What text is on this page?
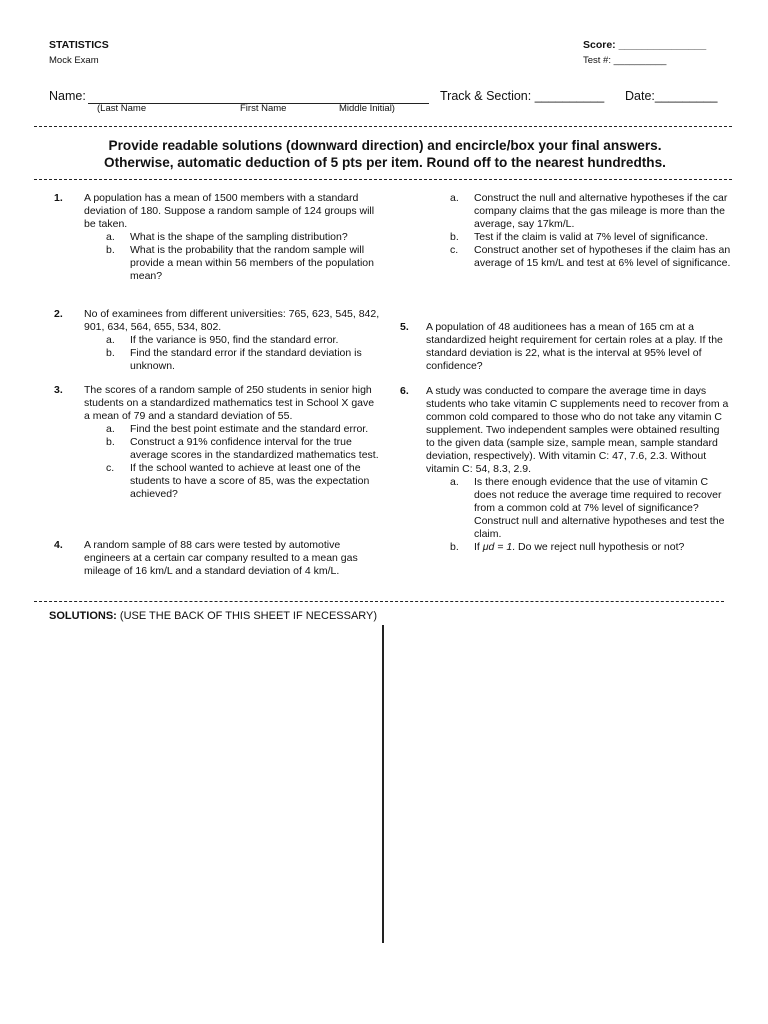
STATISTICS
Mock Exam
Score: _______________
Test #: __________
Name:
(Last Name	First Name	Middle Initial)
Track & Section: __________ Date:_________
Provide readable solutions (downward direction) and encircle/box your final answers.
Otherwise, automatic deduction of 5 pts per item. Round off to the nearest hundredths.
1. A population has a mean of 1500 members with a standard deviation of 180. Suppose a random sample of 124 groups will be taken.
a. What is the shape of the sampling distribution?
b. What is the probability that the random sample will provide a mean within 56 members of the population mean?
2. No of examinees from different universities: 765, 623, 545, 842, 901, 634, 564, 655, 534, 802.
a. If the variance is 950, find the standard error.
b. Find the standard error if the standard deviation is unknown.
3. The scores of a random sample of 250 students in senior high students on a standardized mathematics test in School X gave a mean of 79 and a standard deviation of 55.
a. Find the best point estimate and the standard error.
b. Construct a 91% confidence interval for the true average scores in the standardized mathematics test.
c. If the school wanted to achieve at least one of the students to have a score of 85, was the expectation achieved?
4. A random sample of 88 cars were tested by automotive engineers at a certain car company resulted to a mean gas mileage of 16 km/L and a standard deviation of 4 km/L.
a. Construct the null and alternative hypotheses if the car company claims that the gas mileage is more than the average, say 17km/L.
b. Test if the claim is valid at 7% level of significance.
c. Construct another set of hypotheses if the claim has an average of 15 km/L and test at 6% level of significance.
5. A population of 48 auditionees has a mean of 165 cm at a standardized height requirement for certain roles at a play. If the standard deviation is 22, what is the interval at 95% level of confidence?
6. A study was conducted to compare the average time in days students who take vitamin C supplements need to recover from a common cold compared to those who do not take any vitamin C supplement. Two independent samples were obtained resulting to the given data (sample size, sample mean, sample standard deviation, respectively). With vitamin C: 47, 7.6, 2.3. Without vitamin C: 54, 8.3, 2.9.
a. Is there enough evidence that the use of vitamin C does not reduce the average time required to recover from a common cold at 7% level of significance? Construct null and alternative hypotheses and test the claim.
b. If μd = 1. Do we reject null hypothesis or not?
SOLUTIONS: (USE THE BACK OF THIS SHEET IF NECESSARY)
